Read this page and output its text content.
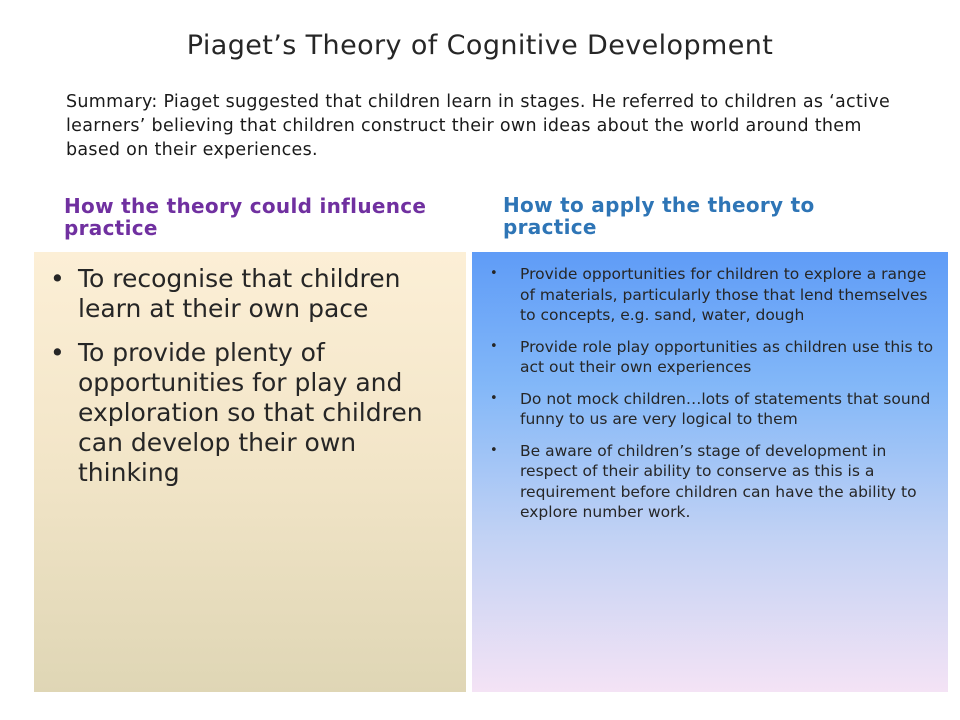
Piaget’s Theory of Cognitive Development
Summary: Piaget suggested that children learn in stages. He referred to children as ‘active learners’ believing that children construct their own ideas about the world around them based on their experiences.
How the theory could influence practice
How to apply the theory to practice
• To recognise that children learn at their own pace
• To provide plenty of opportunities for play and exploration so that children can develop their own thinking
• Provide opportunities for children to explore a range of materials, particularly those that lend themselves to concepts, e.g. sand, water, dough
• Provide role play opportunities as children use this to act out their own experiences
• Do not mock children…lots of statements that sound funny to us are very logical to them
• Be aware of children’s stage of development in respect of their ability to conserve as this is a requirement before children can have the ability to explore number work.
